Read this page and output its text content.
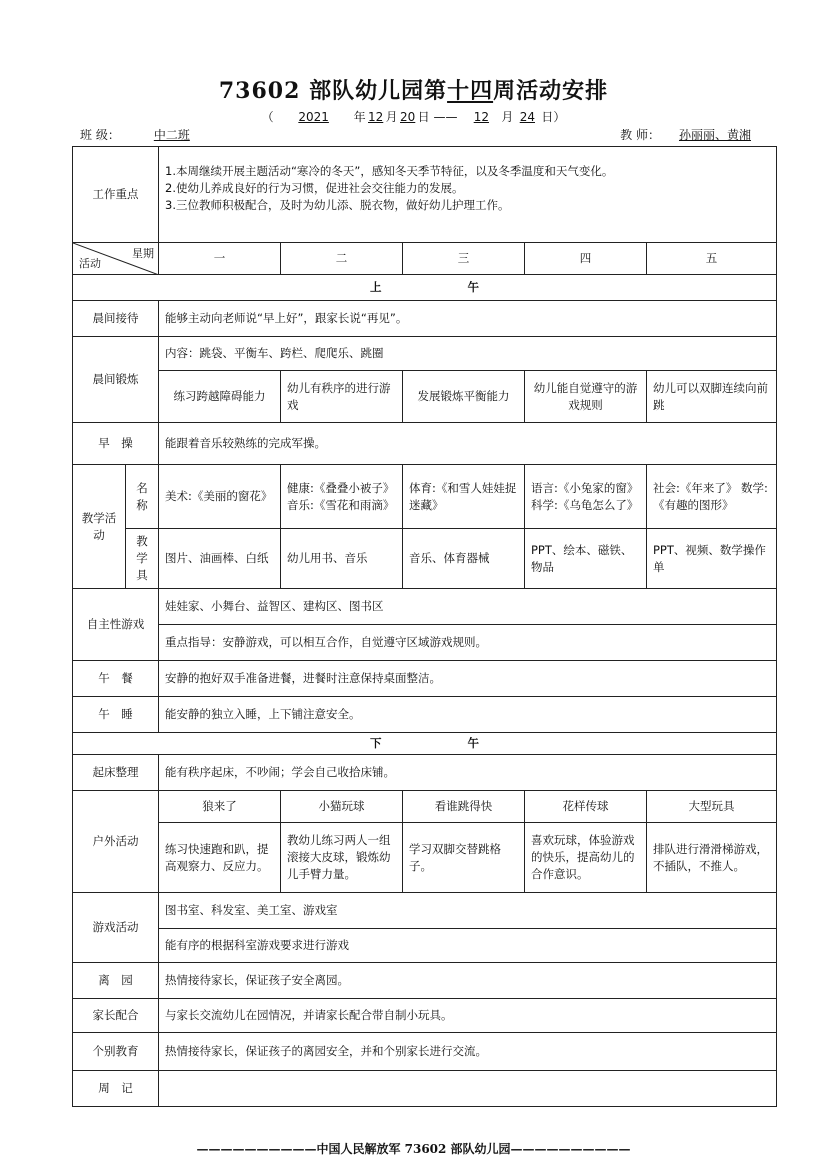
73602 部队幼儿园第十四周活动安排
（ 2021 年 12 月 20 日 —— 12 月 24 日）
班 级：	中二班	教 师： 孙丽丽、黄湘
工作重点		1.本周继续开展主题活动“寒冷的冬天”，感知冬天季节特征，以及冬季温度和天气变化。
2.使幼儿养成良好的行为习惯，促进社会交往能力的发展。
3.三位教师积极配合，及时为幼儿添、脱衣物，做好幼儿护理工作。				

星期
活动		一	二	三	四	五
上 午						
晨间接待		能够主动向老师说“早上好”，跟家长说“再见”。				
晨间锻炼		内容：跳袋、平衡车、跨栏、爬爬乐、跳圈				
		练习跨越障碍能力	幼儿有秩序的进行游戏	发展锻炼平衡能力	幼儿能自觉遵守的游戏规则	幼儿可以双脚连续向前跳
早　操		能跟着音乐较熟练的完成军操。				
教学活动	名称	美术:《美丽的窗花》	健康:《叠叠小被子》 音乐:《雪花和雨滴》	体育:《和雪人娃娃捉迷藏》	语言:《小兔家的窗》 科学:《乌龟怎么了》	社会:《年来了》 数学:《有趣的图形》
	教学具	图片、油画棒、白纸	幼儿用书、音乐	音乐、体育器械	PPT、绘本、磁铁、物品	PPT、视频、数学操作单
自主性游戏		娃娃家、小舞台、益智区、建构区、图书区				
		重点指导：安静游戏，可以相互合作，自觉遵守区域游戏规则。				
午　餐		安静的抱好双手准备进餐，进餐时注意保持桌面整洁。				
午　睡		能安静的独立入睡，上下铺注意安全。				
下 午						
起床整理		能有秩序起床，不吵闹；学会自己收拾床铺。				
户外活动		狼来了	小猫玩球	看谁跳得快	花样传球	大型玩具
		练习快速跑和趴，提高观察力、反应力。	教幼儿练习两人一组滚接大皮球，锻炼幼儿手臂力量。	学习双脚交替跳格子。	喜欢玩球，体验游戏的快乐，提高幼儿的合作意识。	排队进行滑滑梯游戏，不插队，不推人。
游戏活动		图书室、科发室、美工室、游戏室				
		能有序的根据科室游戏要求进行游戏				
离　园		热情接待家长，保证孩子安全离园。				
家长配合		与家长交流幼儿在园情况，并请家长配合带自制小玩具。				
个别教育		热情接待家长，保证孩子的离园安全，并和个别家长进行交流。				
周　记						
——————————中国人民解放军 73602 部队幼儿园——————————
